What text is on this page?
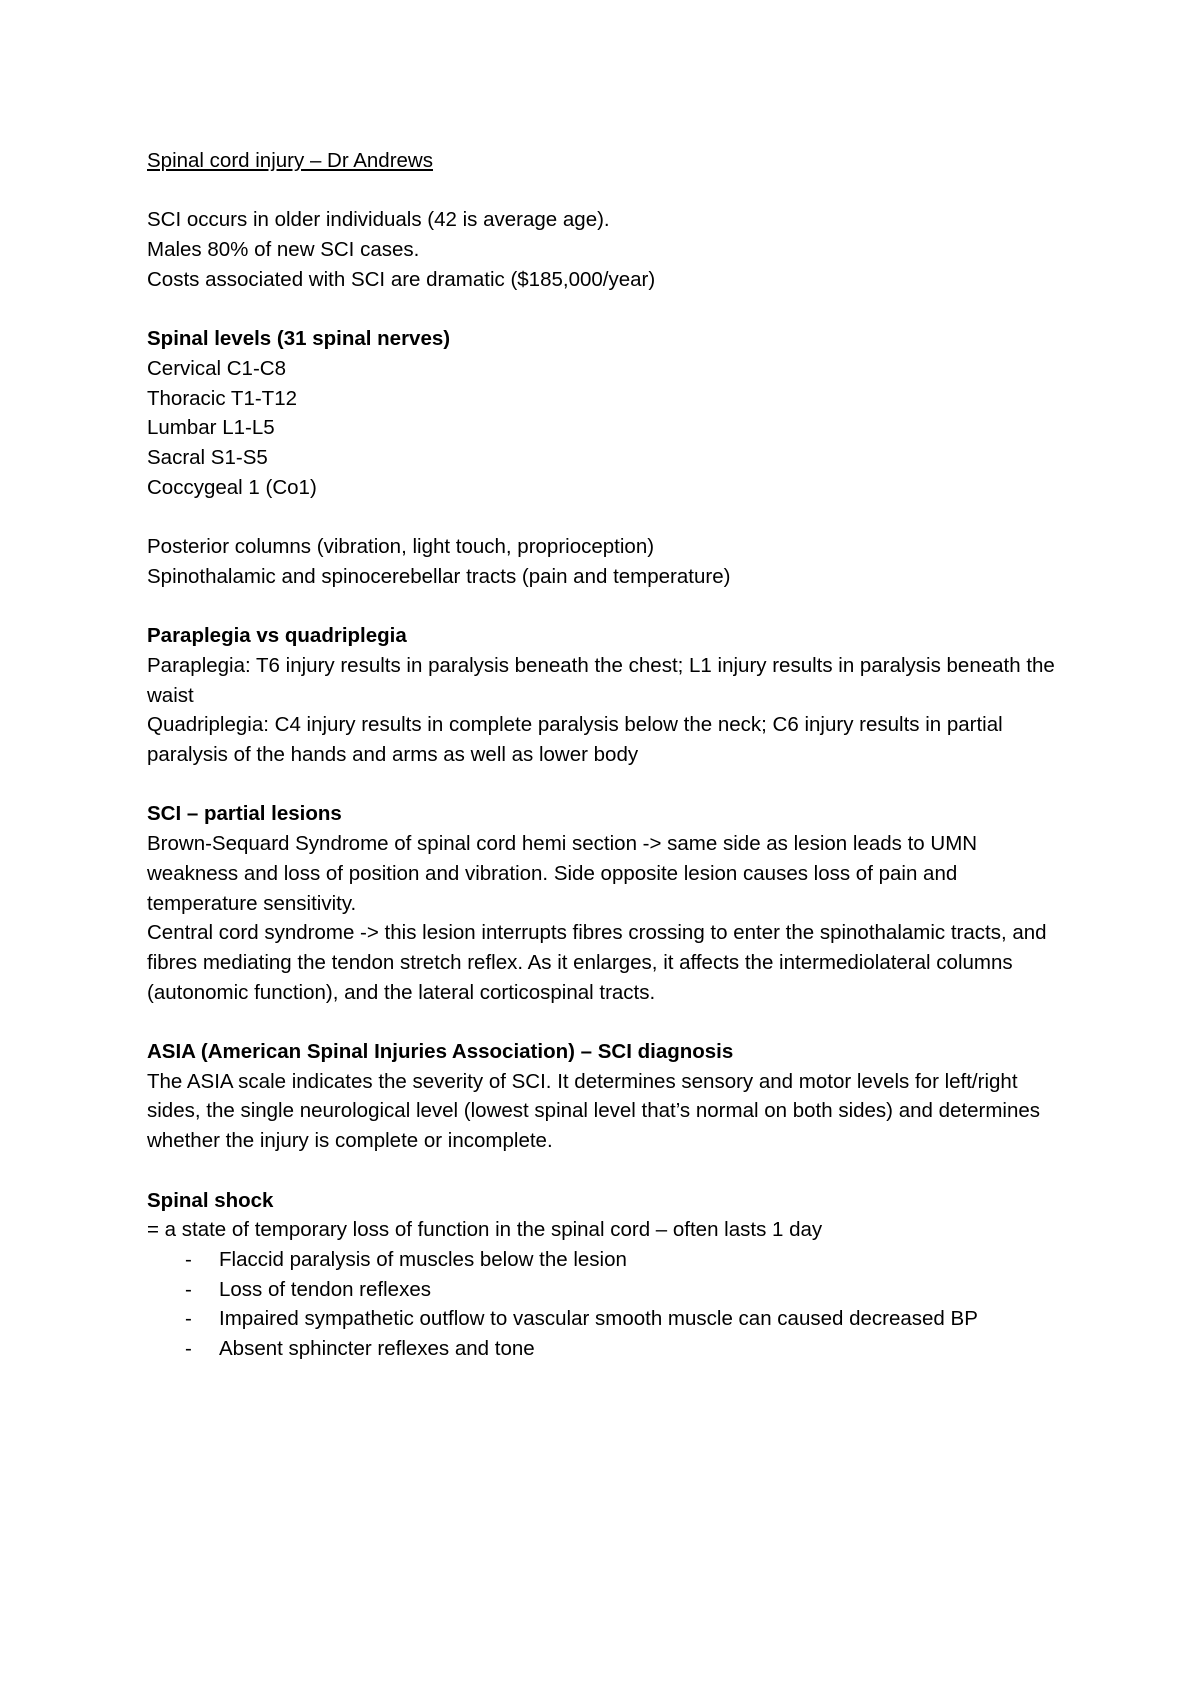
Spinal cord injury – Dr Andrews
SCI occurs in older individuals (42 is average age).
Males 80% of new SCI cases.
Costs associated with SCI are dramatic ($185,000/year)
Spinal levels (31 spinal nerves)
Cervical C1-C8
Thoracic T1-T12
Lumbar L1-L5
Sacral S1-S5
Coccygeal 1 (Co1)
Posterior columns (vibration, light touch, proprioception)
Spinothalamic and spinocerebellar tracts (pain and temperature)
Paraplegia vs quadriplegia
Paraplegia: T6 injury results in paralysis beneath the chest; L1 injury results in paralysis beneath the waist
Quadriplegia: C4 injury results in complete paralysis below the neck; C6 injury results in partial paralysis of the hands and arms as well as lower body
SCI – partial lesions
Brown-Sequard Syndrome of spinal cord hemi section -> same side as lesion leads to UMN weakness and loss of position and vibration. Side opposite lesion causes loss of pain and temperature sensitivity.
Central cord syndrome -> this lesion interrupts fibres crossing to enter the spinothalamic tracts, and fibres mediating the tendon stretch reflex. As it enlarges, it affects the intermediolateral columns (autonomic function), and the lateral corticospinal tracts.
ASIA (American Spinal Injuries Association) – SCI diagnosis
The ASIA scale indicates the severity of SCI. It determines sensory and motor levels for left/right sides, the single neurological level (lowest spinal level that’s normal on both sides) and determines whether the injury is complete or incomplete.
Spinal shock
= a state of temporary loss of function in the spinal cord – often lasts 1 day
- Flaccid paralysis of muscles below the lesion
- Loss of tendon reflexes
- Impaired sympathetic outflow to vascular smooth muscle can caused decreased BP
- Absent sphincter reflexes and tone
